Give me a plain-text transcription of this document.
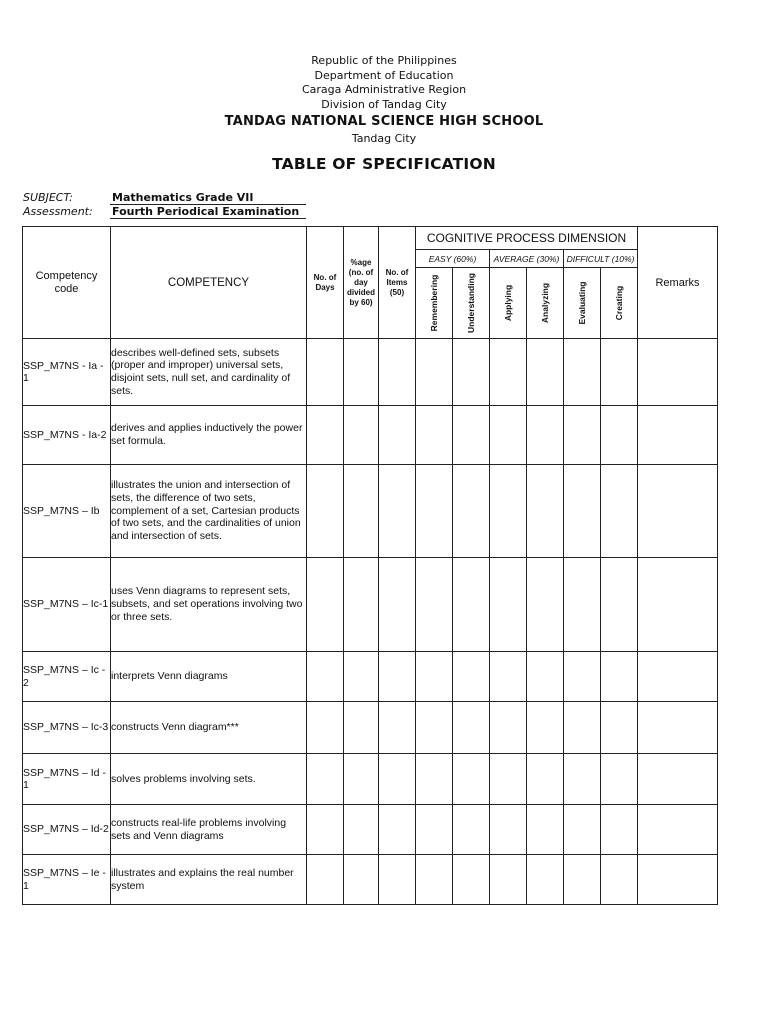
Republic of the Philippines
Department of Education
Caraga Administrative Region
Division of Tandag City
TANDAG NATIONAL SCIENCE HIGH SCHOOL
Tandag City
TABLE OF SPECIFICATION
SUBJECT:	Mathematics Grade VII
Assessment: Fourth Periodical Examination
Competency code	COMPETENCY	No. of Days	%age (no. of day divided by 60)	No. of Items (50)	COGNITIVE PROCESS DIMENSION						Remarks
					EASY (60%)		AVERAGE (30%)		DIFFICULT (10%)		

					Remembering	Understanding	Applying	Analyzing	Evaluating	Creating	

SSP_M7NS - Ia - 1	describes well-defined sets, subsets (proper and improper) universal sets, disjoint sets, null set, and cardinality of sets.										
SSP_M7NS - Ia-2	derives and applies inductively the power set formula.										
SSP_M7NS – Ib	illustrates the union and intersection of sets, the difference of two sets, complement of a set, Cartesian products of two sets, and the cardinalities of union and intersection of sets.										
SSP_M7NS – Ic-1	uses Venn diagrams to represent sets, subsets, and set operations involving two or three sets.										
SSP_M7NS – Ic - 2	interprets Venn diagrams										
SSP_M7NS – Ic-3	constructs Venn diagram***										
SSP_M7NS – Id - 1	solves problems involving sets.										
SSP_M7NS – Id-2	constructs real-life problems involving sets and Venn diagrams										
SSP_M7NS – Ie - 1	illustrates and explains the real number system										
